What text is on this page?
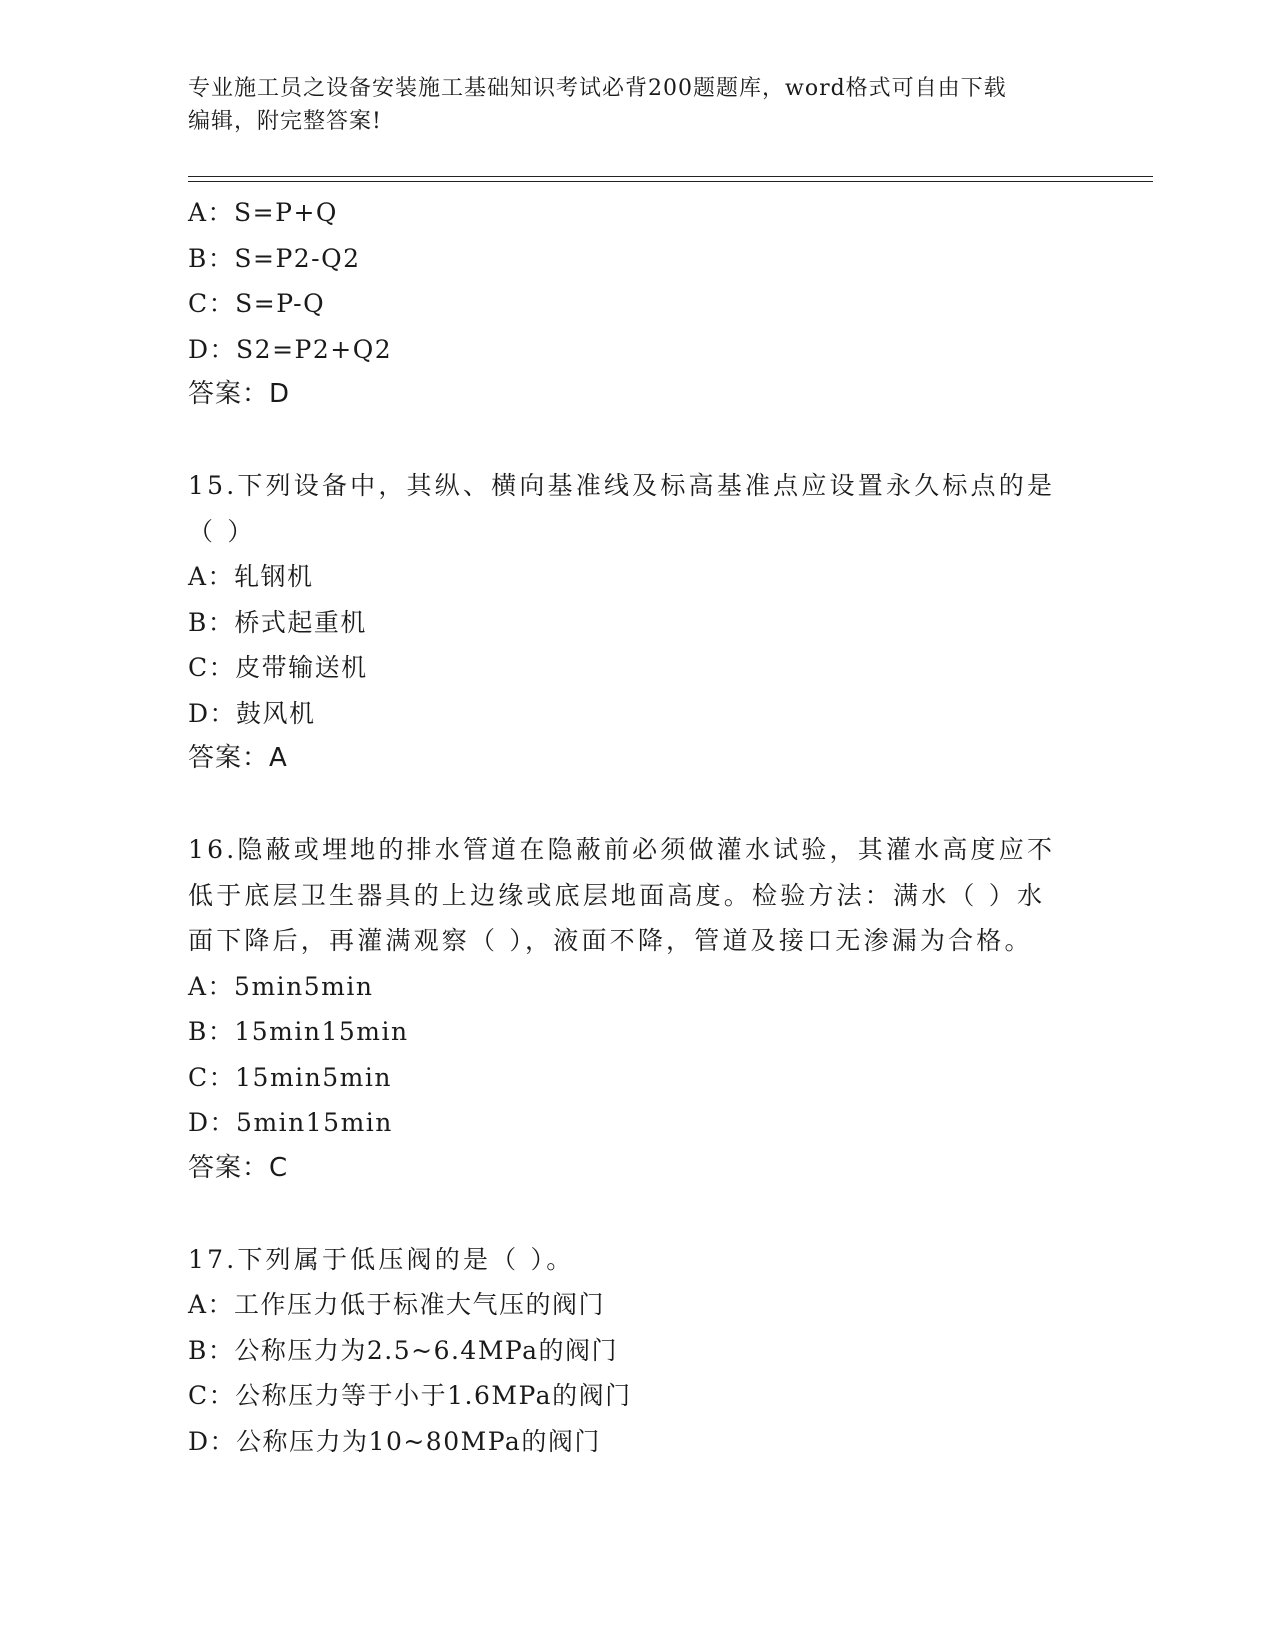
专业施工员之设备安装施工基础知识考试必背200题题库，word格式可自由下载
编辑，附完整答案!
A：S=P+Q
B：S=P2-Q2
C：S=P-Q
D：S2=P2+Q2
答案：D
15.下列设备中，其纵、横向基准线及标高基准点应设置永久标点的是
（ ）
A：轧钢机
B：桥式起重机
C：皮带输送机
D：鼓风机
答案：A
16.隐蔽或埋地的排水管道在隐蔽前必须做灌水试验，其灌水高度应不
低于底层卫生器具的上边缘或底层地面高度。检验方法：满水（ ）水
面下降后，再灌满观察（ ），液面不降，管道及接口无渗漏为合格。
A：5min5min
B：15min15min
C：15min5min
D：5min15min
答案：C
17.下列属于低压阀的是（ ）。
A：工作压力低于标准大气压的阀门
B：公称压力为2.5~6.4MPa的阀门
C：公称压力等于小于1.6MPa的阀门
D：公称压力为10~80MPa的阀门
